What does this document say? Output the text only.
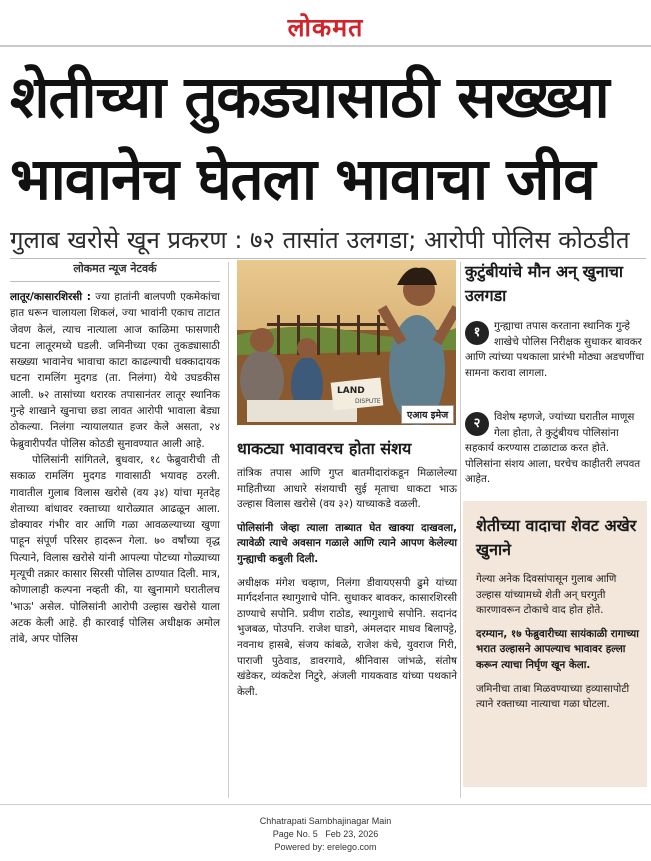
लोकमत
शेतीच्या तुकड्यासाठी सख्ख्या
भावानेच घेतला भावाचा जीव
गुलाब खरोसे खून प्रकरण : ७२ तासांत उलगडा; आरोपी पोलिस कोठडीत
लोकमत न्यूज नेटवर्क

लातूर/कासारशिरसी : ज्या हातांनी बालपणी एकमेकांचा हात धरून चालायला शिकलं, ज्या भावांनी एकाच ताटात जेवण केलं, त्याच नात्याला आज काळिमा फासणारी घटना लातूरमध्ये घडली. जमिनीच्या एका तुकड्यासाठी सख्ख्या भावानेच भावाचा काटा काढल्याची धक्कादायक घटना रामलिंग मुदगड (ता. निलंगा) येथे उघडकीस आली. ७२ तासांच्या थरारक तपासानंतर लातूर स्थानिक गुन्हे शाखाने खुनाचा छडा लावत आरोपी भावाला बेड्या ठोकल्या. निलंगा न्यायालयात हजर केले असता, २४ फेब्रुवारीपर्यंत पोलिस कोठडी सुनावण्यात आली आहे.

पोलिसांनी सांगितले, बुधवार, १८ फेब्रुवारीची ती सकाळ रामलिंग मुदगड गावासाठी भयावह ठरली. गावातील गुलाब विलास खरोसे (वय ३४) यांचा मृतदेह शेताच्या बांधावर रक्ताच्या थारोळ्यात आढळून आला. डोक्यावर गंभीर वार आणि गळा आवळल्याच्या खुणा पाहून संपूर्ण परिसर हादरून गेला. ७० वर्षांच्या वृद्ध पित्याने, विलास खरोसे यांनी आपल्या पोटच्या गोळ्याच्या मृत्यूची तक्रार कासार सिरसी पोलिस ठाण्यात दिली. मात्र, कोणालाही कल्पना नव्हती की, या खुनामागे घरातीलच 'भाऊ' असेल. पोलिसांनी आरोपी उल्हास खरोसे याला अटक केली आहे. ही कारवाई पोलिस अधीक्षक अमोल तांबे, अपर पोलिस

LAND
DISPUTE
एआय इमेज
धाकट्या भावावरच होता संशय

तांत्रिक तपास आणि गुप्त बातमीदारांकडून मिळालेल्या माहितीच्या आधारे संशयाची सुई मृताचा धाकटा भाऊ उल्हास विलास खरोसे (वय ३२) याच्याकडे वळली.

पोलिसांनी जेव्हा त्याला ताब्यात घेत खाक्या दाखवला, त्यावेळी त्याचे अवसान गळाले आणि त्याने आपण केलेल्या गुन्ह्याची कबुली दिली.

अधीक्षक मंगेश चव्हाण, निलंगा डीवायएसपी ढुमे यांच्या मार्गदर्शनात स्थागुशाचे पोनि. सुधाकर बावकर, कासारशिरसी ठाण्याचे सपोनि. प्रवीण राठोड, स्थागुशाचे सपोनि. सदानंद भुजबळ, पोउपनि. राजेश घाडगे, अंमलदार माधव बिलापट्टे, नवनाथ हासबे, संजय कांबळे, राजेश कंचे, युवराज गिरी, पाराजी पुठेवाड, डावरगावे, श्रीनिवास जांभळे, संतोष खंडेकर, व्यंकटेश निटुरे, अंजली गायकवाड यांच्या पथकाने केली.

कुटुंबीयांचे मौन अन् खुनाचा उलगडा
१	गुन्ह्याचा तपास करताना स्थानिक गुन्हे शाखेचे पोलिस निरीक्षक सुधाकर बावकर आणि त्यांच्या पथकाला प्रारंभी मोठ्या अडचणींचा सामना करावा लागला.
२	विशेष म्हणजे, ज्यांच्या घरातील माणूस गेला होता, ते कुटुंबीयच पोलिसांना सहकार्य करण्यास टाळाटाळ करत होते. पोलिसांना संशय आला, घरचेच काहीतरी लपवत आहेत.
शेतीच्या वादाचा शेवट अखेर खुनाने

गेल्या अनेक दिवसांपासून गुलाब आणि उल्हास यांच्यामध्ये शेती अन् घरगुती कारणावरून टोकाचे वाद होत होते.

दरम्यान, १७ फेब्रुवारीच्या सायंकाळी रागाच्या भरात उल्हासने आपल्याच भावावर हल्ला करून त्याचा निर्घृण खून केला.

जमिनीचा ताबा मिळवण्याच्या हव्यासापोटी त्याने रक्ताच्या नात्याचा गळा घोटला.

Chhatrapati Sambhajinagar Main
Page No. 5 Feb 23, 2026
Powered by: erelego.com
